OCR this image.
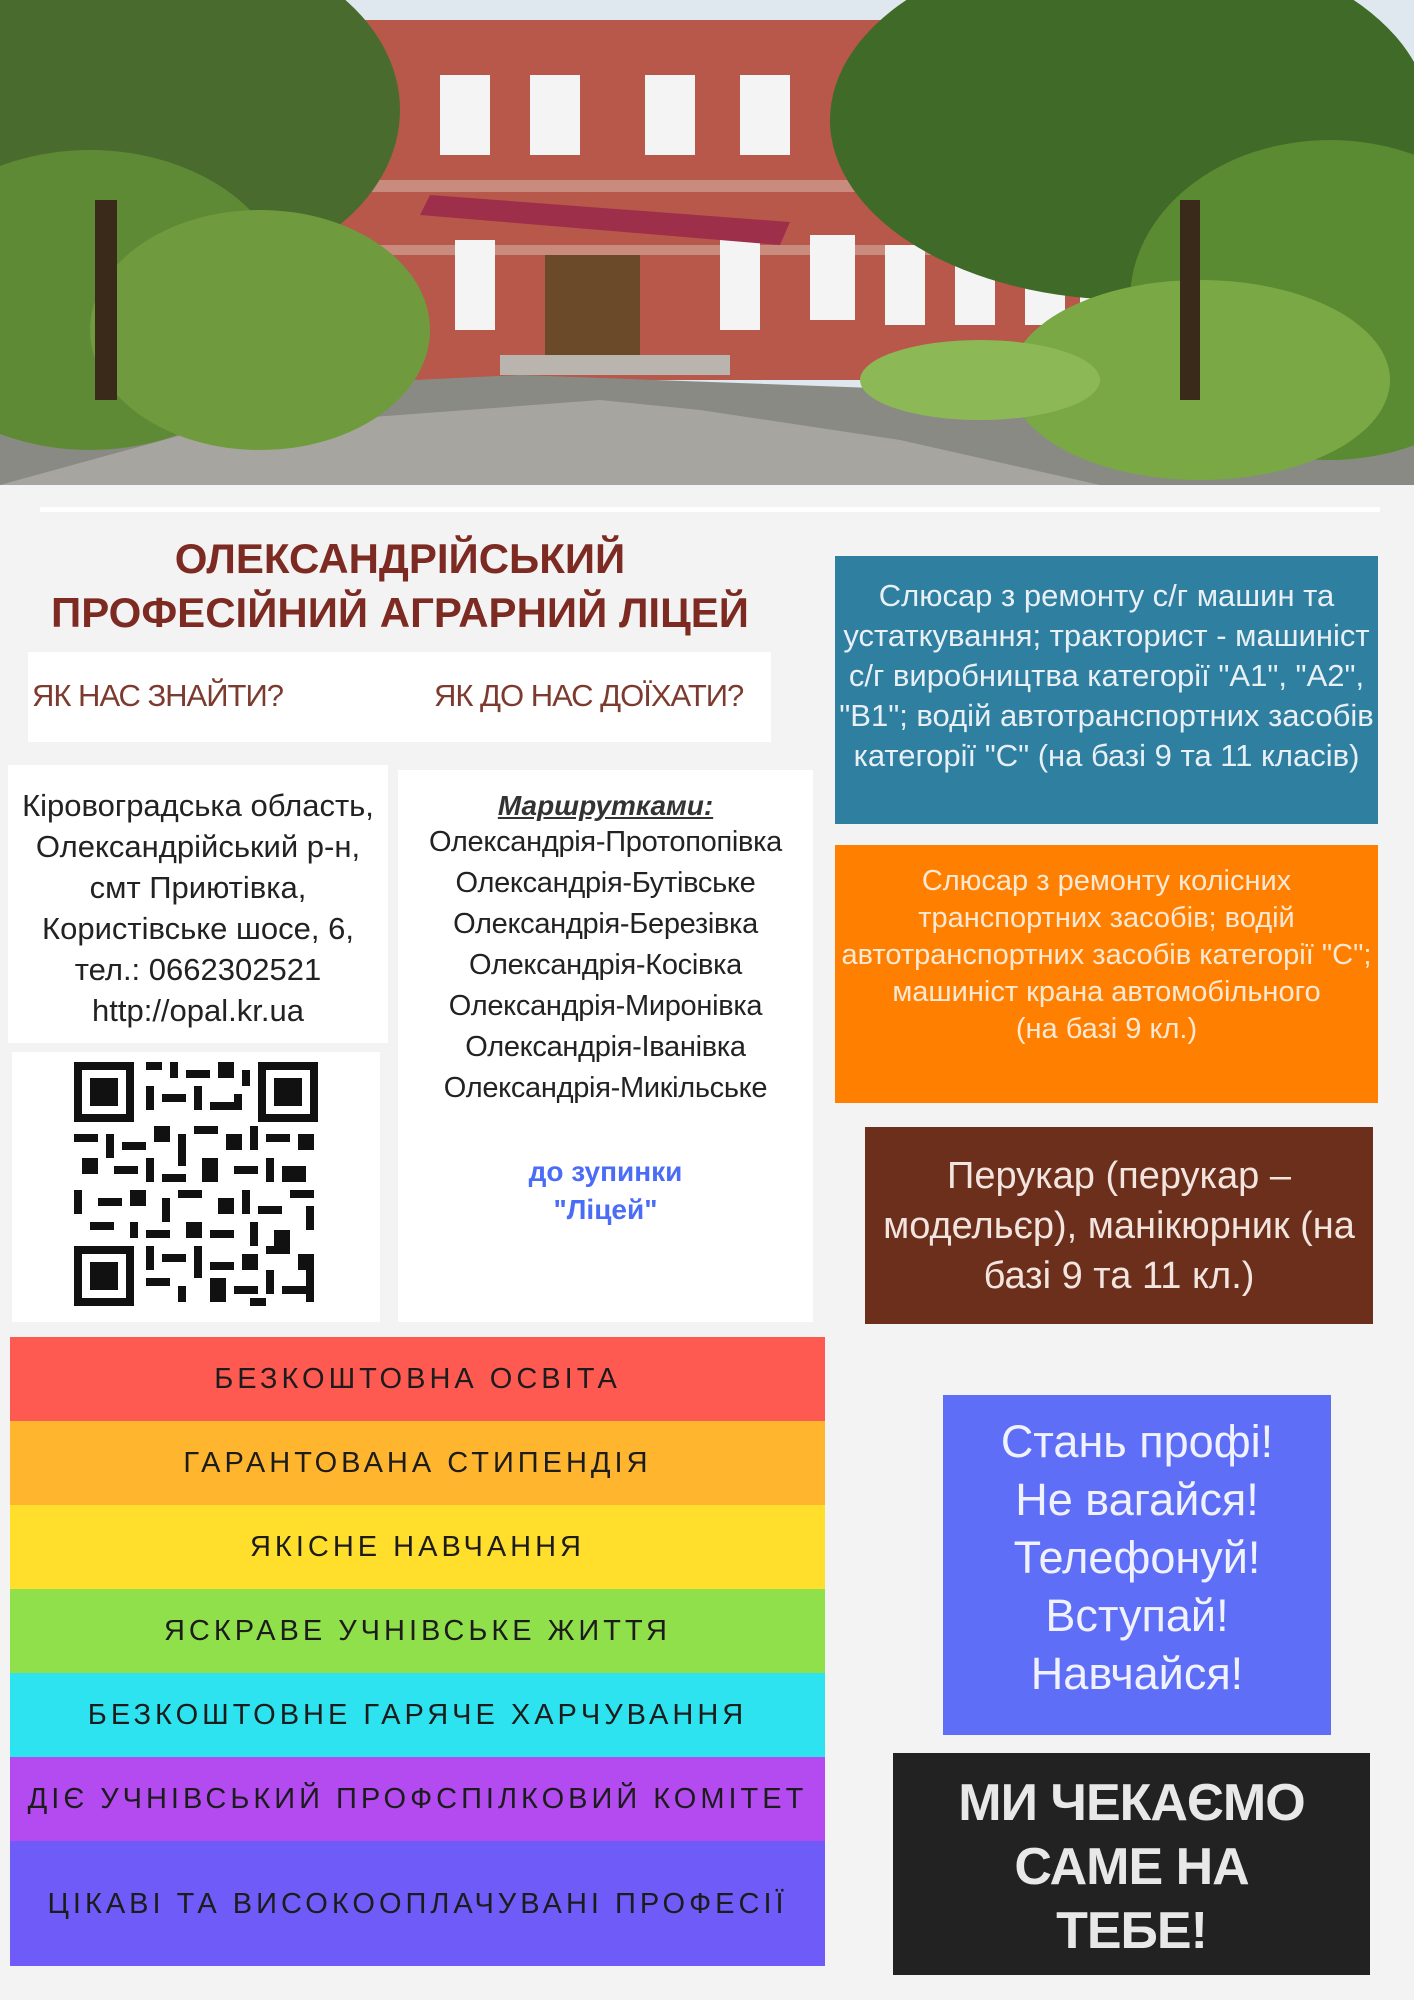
ОЛЕКСАНДРІЙСЬКИЙ
ПРОФЕСІЙНИЙ АГРАРНИЙ ЛІЦЕЙ
ЯК НАС ЗНАЙТИ?	ЯК ДО НАС ДОЇХАТИ?
Кіровоградська область,
Олександрійський р-н,
смт Приютівка,
Користівське шосе, 6,
тел.: 0662302521
http://opal.kr.ua
Маршрутками:
Олександрія-Протопопівка
Олександрія-Бутівське
Олександрія-Березівка
Олександрія-Косівка
Олександрія-Миронівка
Олександрія-Іванівка
Олександрія-Микільське
до зупинки
"Ліцей"
Слюсар з ремонту с/г машин та устаткування; тракторист - машиніст с/г виробництва категорії "А1", "А2", "В1"; водій автотранспортних засобів категорії "С" (на базі 9 та 11 класів)
Слюсар з ремонту колісних транспортних засобів; водій автотранспортних засобів категорії "С"; машиніст крана автомобільного
(на базі 9 кл.)
Перукар (перукар – модельєр), манікюрник (на базі 9 та 11 кл.)
Стань профі!
Не вагайся!
Телефонуй!
Вступай!
Навчайся!
МИ ЧЕКАЄМО
САМЕ НА
ТЕБЕ!
БЕЗКОШТОВНА ОСВІТА
ГАРАНТОВАНА СТИПЕНДІЯ
ЯКІСНЕ НАВЧАННЯ
ЯСКРАВЕ УЧНІВСЬКЕ ЖИТТЯ
БЕЗКОШТОВНЕ ГАРЯЧЕ ХАРЧУВАННЯ
ДІЄ УЧНІВСЬКИЙ ПРОФСПІЛКОВИЙ КОМІТЕТ
ЦІКАВІ ТА ВИСОКООПЛАЧУВАНІ ПРОФЕСІЇ
